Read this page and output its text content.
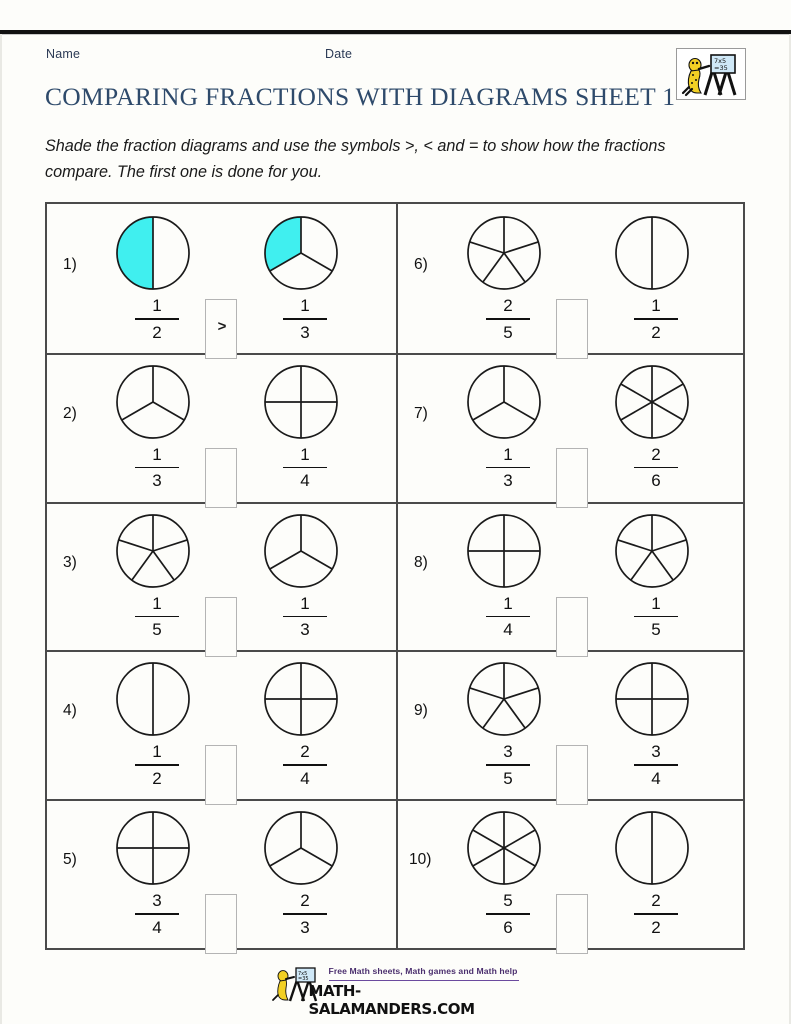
Name	Date
COMPARING FRACTIONS WITH DIAGRAMS SHEET 1
Shade the fraction diagrams and use the symbols >, < and = to show how the fractions compare. The first one is done for you.
7x5
=35
1)
1
2
1
3
>
6)
2
5
1
2
2)
1
3
1
4
7)
1
3
2
6
3)
1
5
1
3
8)
1
4
1
5
4)
1
2
2
4
9)
3
5
3
4
5)
3
4
2
3
10)
5
6
2
2
7x5
=35
Free Math sheets, Math games and Math help
MATH-SALAMANDERS.COM
